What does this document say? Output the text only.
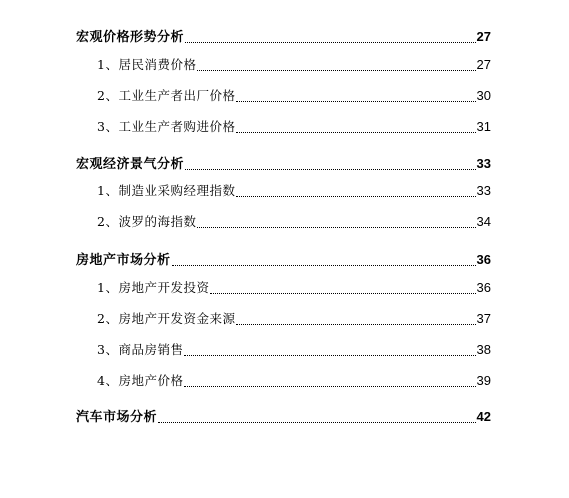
宏观价格形势分析	27
1、居民消费价格	27
2、工业生产者出厂价格	30
3、工业生产者购进价格	31
宏观经济景气分析	33
1、制造业采购经理指数	33
2、波罗的海指数	34
房地产市场分析	36
1、房地产开发投资	36
2、房地产开发资金来源	37
3、商品房销售	38
4、房地产价格	39
汽车市场分析	42
